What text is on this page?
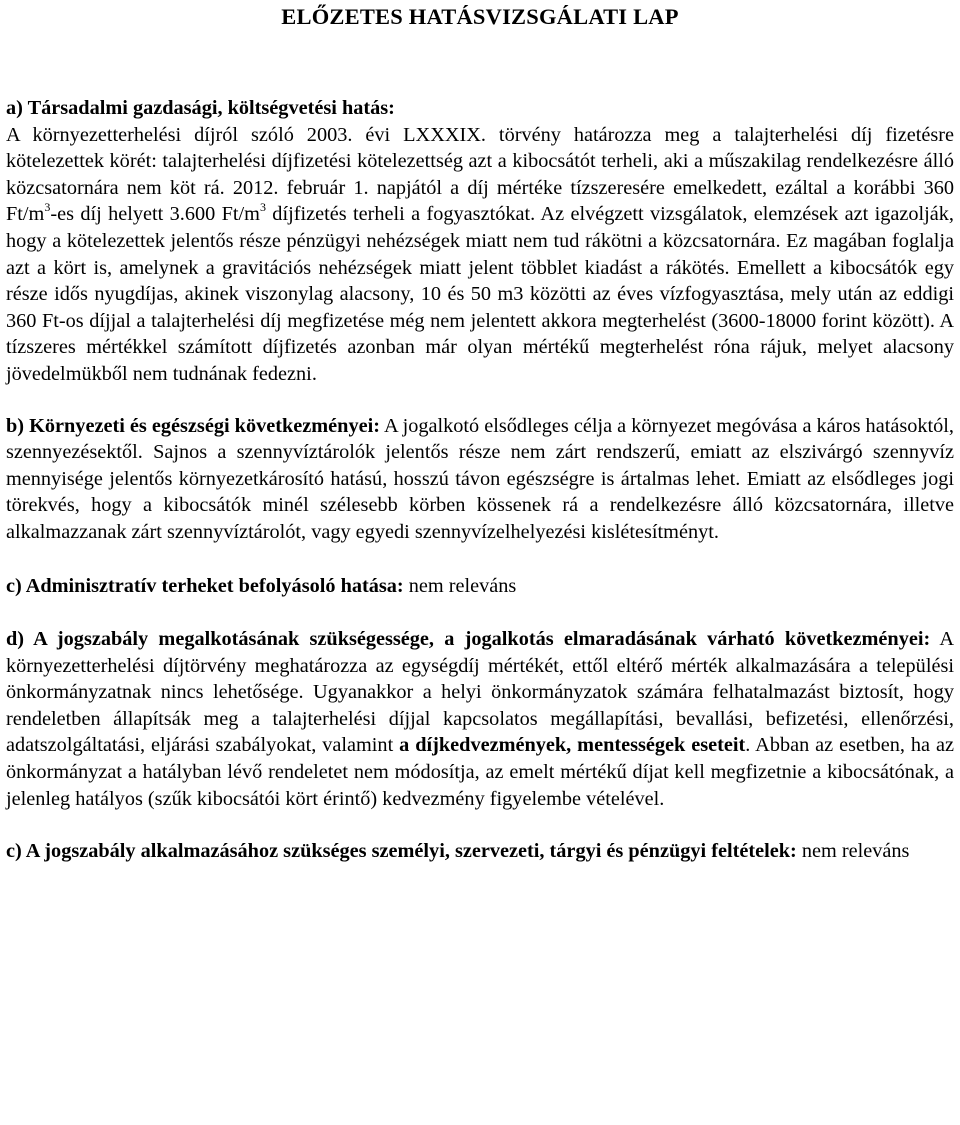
ELŐZETES HATÁSVIZSGÁLATI LAP

a) Társadalmi gazdasági, költségvetési hatás:
A környezetterhelési díjról szóló 2003. évi LXXXIX. törvény határozza meg a talajterhelési díj fizetésre kötelezettek körét: talajterhelési díjfizetési kötelezettség azt a kibocsátót terheli, aki a műszakilag rendelkezésre álló közcsatornára nem köt rá. 2012. február 1. napjától a díj mértéke tízszeresére emelkedett, ezáltal a korábbi 360 $Ft/m^3-es$ díj helyett 3.600 $Ft/m^3$ díjfizetés terheli a fogyasztókat. Az elvégzett vizsgálatok, elemzések azt igazolják, hogy a kötelezettek jelentős része pénzügyi nehézségek miatt nem tud rákötni a közcsatornára. Ez magában foglalja azt a kört is, amelynek a gravitációs nehézségek miatt jelent többlet kiadást a rákötés. Emellett a kibocsátók egy része idős nyugdíjas, akinek viszonylag alacsony, 10 és 50 m3 közötti az éves vízfogyasztása, mely után az eddigi 360 Ft-os díjjal a talajterhelési díj megfizetése még nem jelentett akkora megterhelést (3600-18000 forint között). A tízszeres mértékkel számított díjfizetés azonban már olyan mértékű megterhelést róna rájuk, melyet alacsony jövedelmükből nem tudnának fedezni.

b) Környezeti és egészségi következményei: A jogalkotó elsődleges célja a környezet megóvása a káros hatásoktól, szennyezésektől. Sajnos a szennyvíztárolók jelentős része nem zárt rendszerű, emiatt az elszivárgó szennyvíz mennyisége jelentős környezetkárosító hatású, hosszú távon egészségre is ártalmas lehet. Emiatt az elsődleges jogi törekvés, hogy a kibocsátók minél szélesebb körben kössenek rá a rendelkezésre álló közcsatornára, illetve alkalmazzanak zárt szennyvíztárolót, vagy egyedi szennyvízelhelyezési kislétesítményt.

c) Adminisztratív terheket befolyásoló hatása: nem releváns

d) A jogszabály megalkotásának szükségessége, a jogalkotás elmaradásának várható következményei: A környezetterhelési díjtörvény meghatározza az egységdíj mértékét, ettől eltérő mérték alkalmazására a települési önkormányzatnak nincs lehetősége. Ugyanakkor a helyi önkormányzatok számára felhatalmazást biztosít, hogy rendeletben állapítsák meg a talajterhelési díjjal kapcsolatos megállapítási, bevallási, befizetési, ellenőrzési, adatszolgáltatási, eljárási szabályokat, valamint a díjkedvezmények, mentességek eseteit. Abban az esetben, ha az önkormányzat a hatályban lévő rendeletet nem módosítja, az emelt mértékű díjat kell megfizetnie a kibocsátónak, a jelenleg hatályos (szűk kibocsátói kört érintő) kedvezmény figyelembe vételével.

c) A jogszabály alkalmazásához szükséges személyi, szervezeti, tárgyi és pénzügyi feltételek: nem releváns
